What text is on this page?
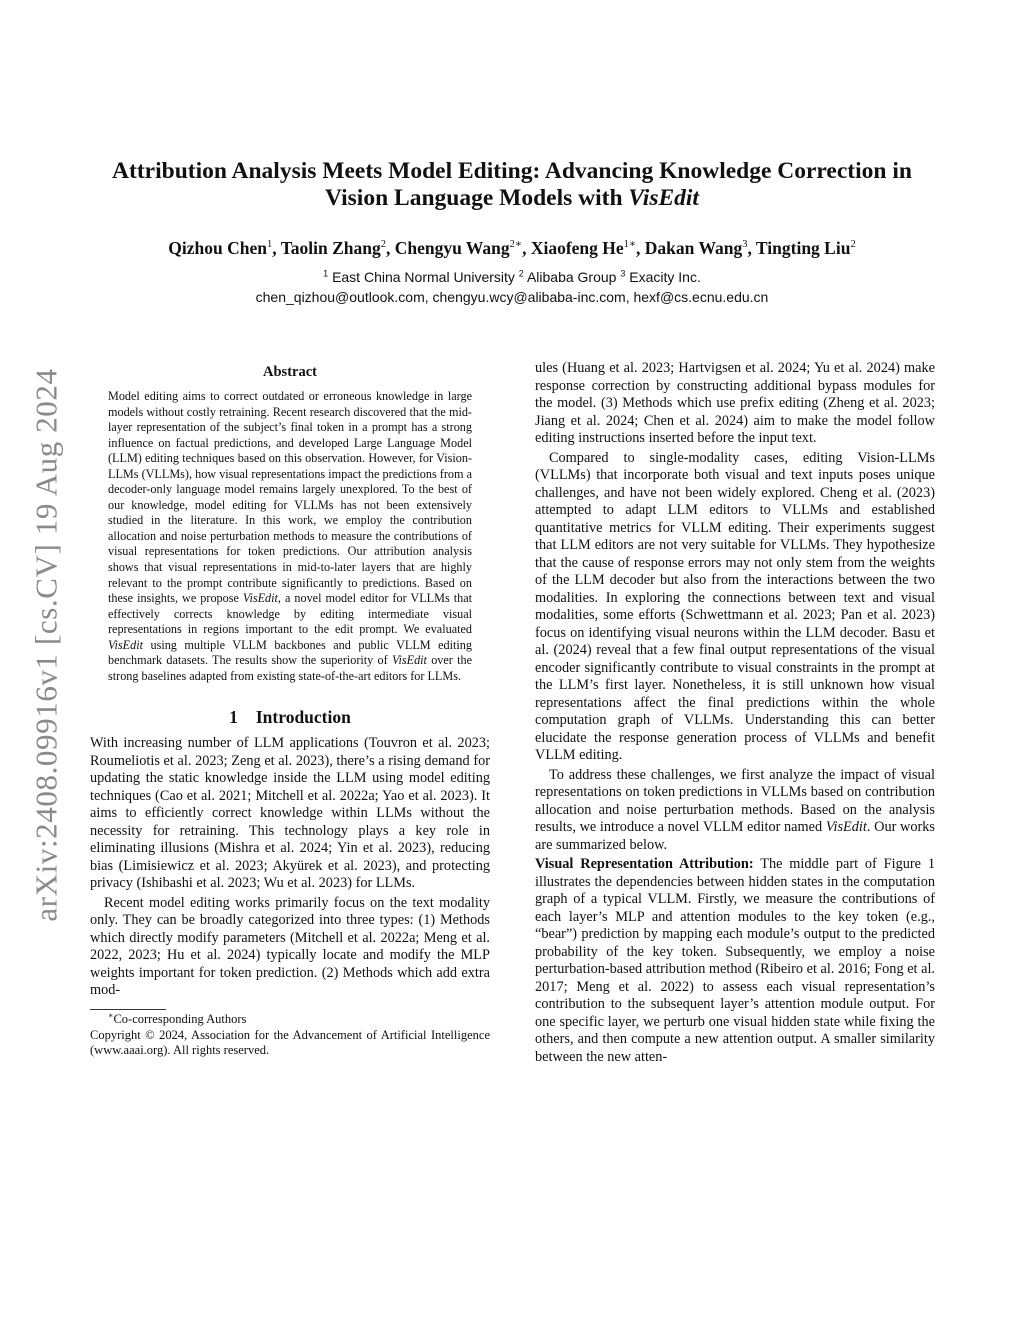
arXiv:2408.09916v1 [cs.CV] 19 Aug 2024
Attribution Analysis Meets Model Editing: Advancing Knowledge Correction in
Vision Language Models with VisEdit
Qizhou Chen$^1$, Taolin Zhang$^2$, Chengyu Wang$^{2∗}$, Xiaofeng $He^{1∗}$, Dakan Wang$^3$, Tingting Liu$^2$
$^1$ East China Normal University $^2$ Alibaba Group $^3$ Exacity Inc.
chen_qizhou@outlook.com, chengyu.wcy@alibaba-inc.com, hexf@cs.ecnu.edu.cn
Abstract
Model editing aims to correct outdated or erroneous knowledge in large models without costly retraining. Recent research discovered that the mid-layer representation of the subject’s final token in a prompt has a strong influence on factual predictions, and developed Large Language Model (LLM) editing techniques based on this observation. However, for Vision-LLMs (VLLMs), how visual representations impact the predictions from a decoder-only language model remains largely unexplored. To the best of our knowledge, model editing for VLLMs has not been extensively studied in the literature. In this work, we employ the contribution allocation and noise perturbation methods to measure the contributions of visual representations for token predictions. Our attribution analysis shows that visual representations in mid-to-later layers that are highly relevant to the prompt contribute significantly to predictions. Based on these insights, we propose VisEdit, a novel model editor for VLLMs that effectively corrects knowledge by editing intermediate visual representations in regions important to the edit prompt. We evaluated VisEdit using multiple VLLM backbones and public VLLM editing benchmark datasets. The results show the superiority of VisEdit over the strong baselines adapted from existing state-of-the-art editors for LLMs.
1 Introduction

With increasing number of LLM applications (Touvron et al. 2023; Roumeliotis et al. 2023; Zeng et al. 2023), there’s a rising demand for updating the static knowledge inside the LLM using model editing techniques (Cao et al. 2021; Mitchell et al. 2022a; Yao et al. 2023). It aims to efficiently correct knowledge within LLMs without the necessity for retraining. This technology plays a key role in eliminating illusions (Mishra et al. 2024; Yin et al. 2023), reducing bias (Limisiewicz et al. 2023; Akyürek et al. 2023), and protecting privacy (Ishibashi et al. 2023; Wu et al. 2023) for LLMs.

Recent model editing works primarily focus on the text modality only. They can be broadly categorized into three types: (1) Methods which directly modify parameters (Mitchell et al. 2022a; Meng et al. 2022, 2023; Hu et al. 2024) typically locate and modify the MLP weights important for token prediction. (2) Methods which add extra mod-

∗Co-corresponding Authors
Copyright © 2024, Association for the Advancement of Artificial Intelligence (www.aaai.org). All rights reserved.

ules (Huang et al. 2023; Hartvigsen et al. 2024; Yu et al. 2024) make response correction by constructing additional bypass modules for the model. (3) Methods which use prefix editing (Zheng et al. 2023; Jiang et al. 2024; Chen et al. 2024) aim to make the model follow editing instructions inserted before the input text.

Compared to single-modality cases, editing Vision-LLMs (VLLMs) that incorporate both visual and text inputs poses unique challenges, and have not been widely explored. Cheng et al. (2023) attempted to adapt LLM editors to VLLMs and established quantitative metrics for VLLM editing. Their experiments suggest that LLM editors are not very suitable for VLLMs. They hypothesize that the cause of response errors may not only stem from the weights of the LLM decoder but also from the interactions between the two modalities. In exploring the connections between text and visual modalities, some efforts (Schwettmann et al. 2023; Pan et al. 2023) focus on identifying visual neurons within the LLM decoder. Basu et al. (2024) reveal that a few final output representations of the visual encoder significantly contribute to visual constraints in the prompt at the LLM’s first layer. Nonetheless, it is still unknown how visual representations affect the final predictions within the whole computation graph of VLLMs. Understanding this can better elucidate the response generation process of VLLMs and benefit VLLM editing.

To address these challenges, we first analyze the impact of visual representations on token predictions in VLLMs based on contribution allocation and noise perturbation methods. Based on the analysis results, we introduce a novel VLLM editor named VisEdit. Our works are summarized below.

Visual Representation Attribution: The middle part of Figure 1 illustrates the dependencies between hidden states in the computation graph of a typical VLLM. Firstly, we measure the contributions of each layer’s MLP and attention modules to the key token (e.g., “bear”) prediction by mapping each module’s output to the predicted probability of the key token. Subsequently, we employ a noise perturbation-based attribution method (Ribeiro et al. 2016; Fong et al. 2017; Meng et al. 2022) to assess each visual representation’s contribution to the subsequent layer’s attention module output. For one specific layer, we perturb one visual hidden state while fixing the others, and then compute a new attention output. A smaller similarity between the new atten-
